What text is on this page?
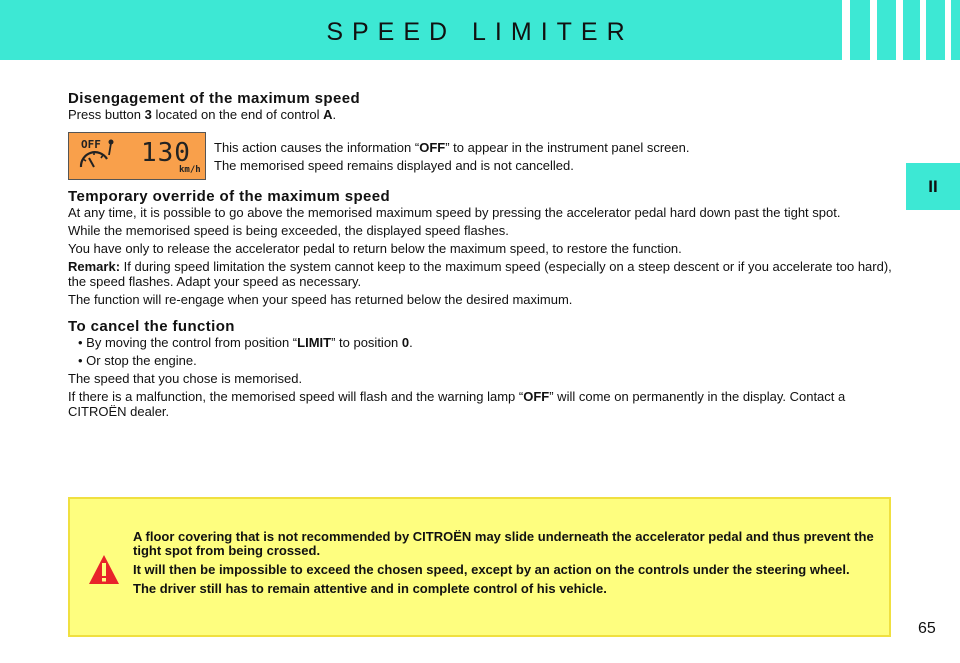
SPEED LIMITER
II
Disengagement of the maximum speed

Press button 3 located on the end of control A.

OFF 130
km/h

This action causes the information “OFF” to appear in the instrument panel screen.

The memorised speed remains displayed and is not cancelled.

Temporary override of the maximum speed

At any time, it is possible to go above the memorised maximum speed by pressing the accelerator pedal hard down past the tight spot.

While the memorised speed is being exceeded, the displayed speed flashes.

You have only to release the accelerator pedal to return below the maximum speed, to restore the function.

Remark: If during speed limitation the system cannot keep to the maximum speed (especially on a steep descent or if you accelerate too hard), the speed flashes. Adapt your speed as necessary.

The function will re-engage when your speed has returned below the desired maximum.

To cancel the function

• By moving the control from position “LIMIT” to position 0.

• Or stop the engine.

The speed that you chose is memorised.

If there is a malfunction, the memorised speed will flash and the warning lamp “OFF” will come on permanently in the display. Contact a CITROËN dealer.

A floor covering that is not recommended by CITROËN may slide underneath the accelerator pedal and thus prevent the tight spot from being crossed.

It will then be impossible to exceed the chosen speed, except by an action on the controls under the steering wheel.

The driver still has to remain attentive and in complete control of his vehicle.

65
